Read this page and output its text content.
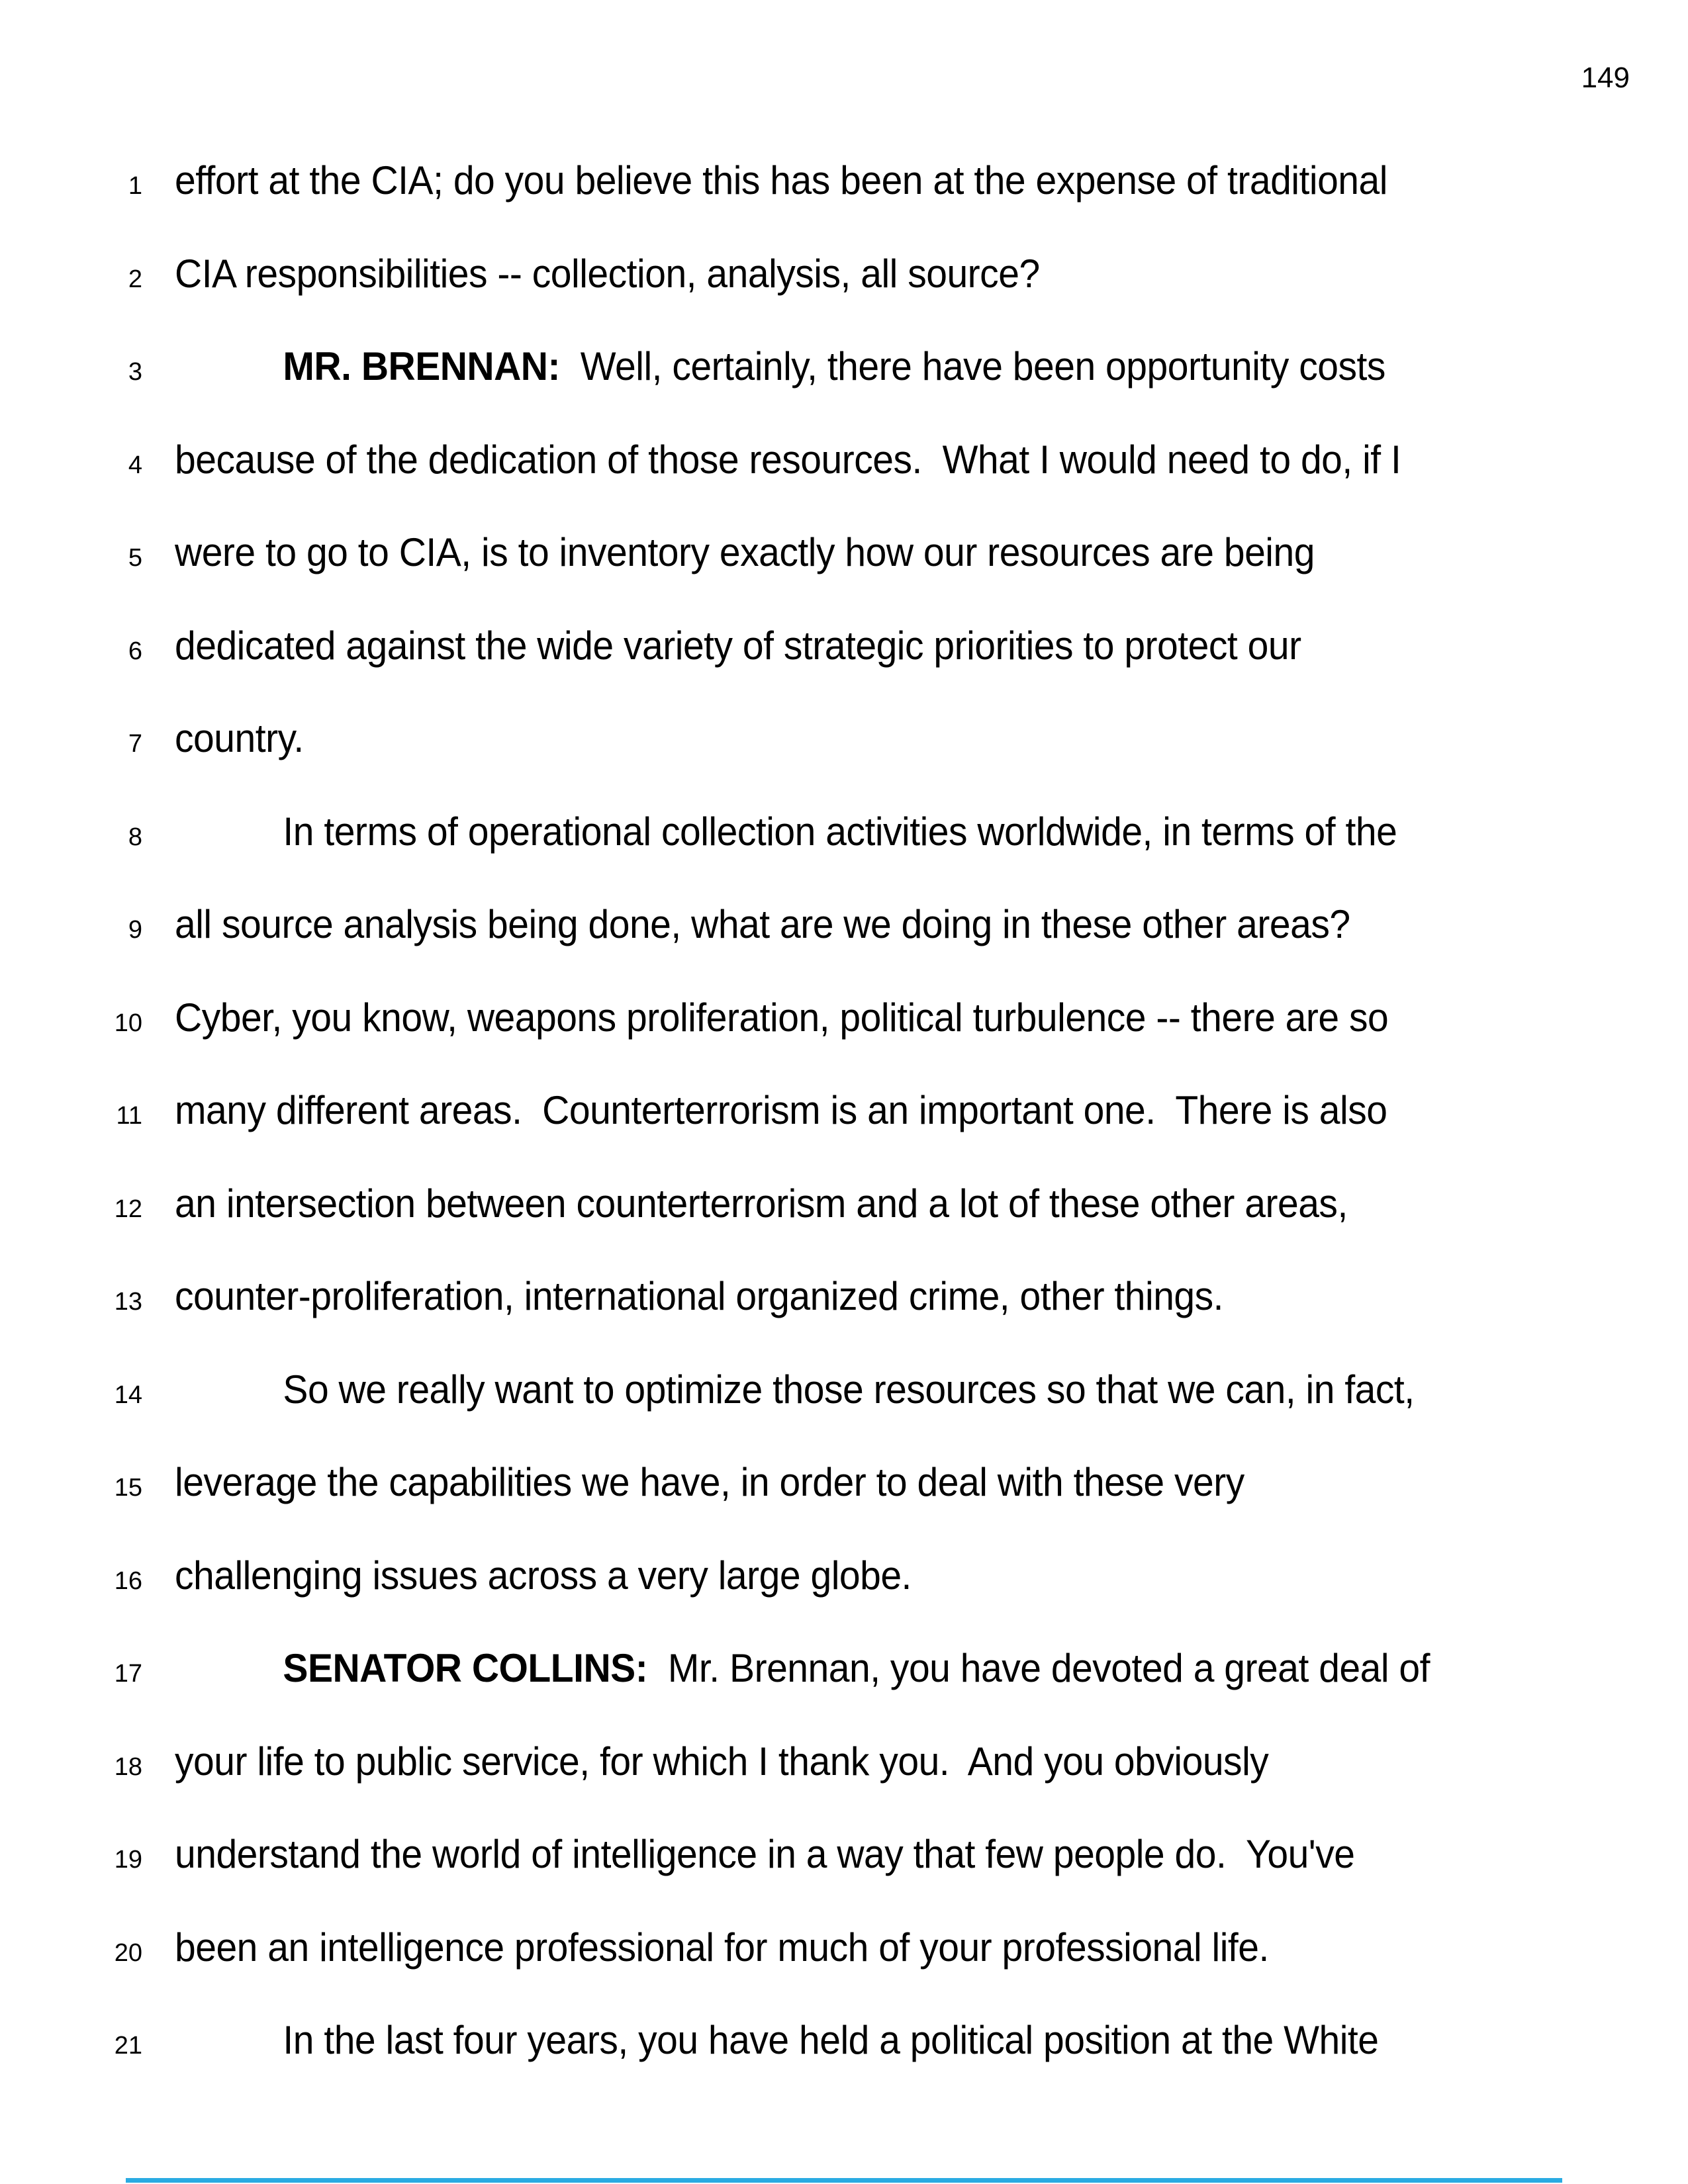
149
1 effort at the CIA; do you believe this has been at the expense of traditional
2 CIA responsibilities -- collection, analysis, all source?
3	MR. BRENNAN:  Well, certainly, there have been opportunity costs
4 because of the dedication of those resources.  What I would need to do, if I
5 were to go to CIA, is to inventory exactly how our resources are being
6 dedicated against the wide variety of strategic priorities to protect our
7 country.
8	In terms of operational collection activities worldwide, in terms of the
9 all source analysis being done, what are we doing in these other areas?
10 Cyber, you know, weapons proliferation, political turbulence -- there are so
11 many different areas.  Counterterrorism is an important one.  There is also
12 an intersection between counterterrorism and a lot of these other areas,
13 counter-proliferation, international organized crime, other things.
14	So we really want to optimize those resources so that we can, in fact,
15 leverage the capabilities we have, in order to deal with these very
16 challenging issues across a very large globe.
17	SENATOR COLLINS:  Mr. Brennan, you have devoted a great deal of
18 your life to public service, for which I thank you.  And you obviously
19 understand the world of intelligence in a way that few people do.  You've
20 been an intelligence professional for much of your professional life.
21	In the last four years, you have held a political position at the White
